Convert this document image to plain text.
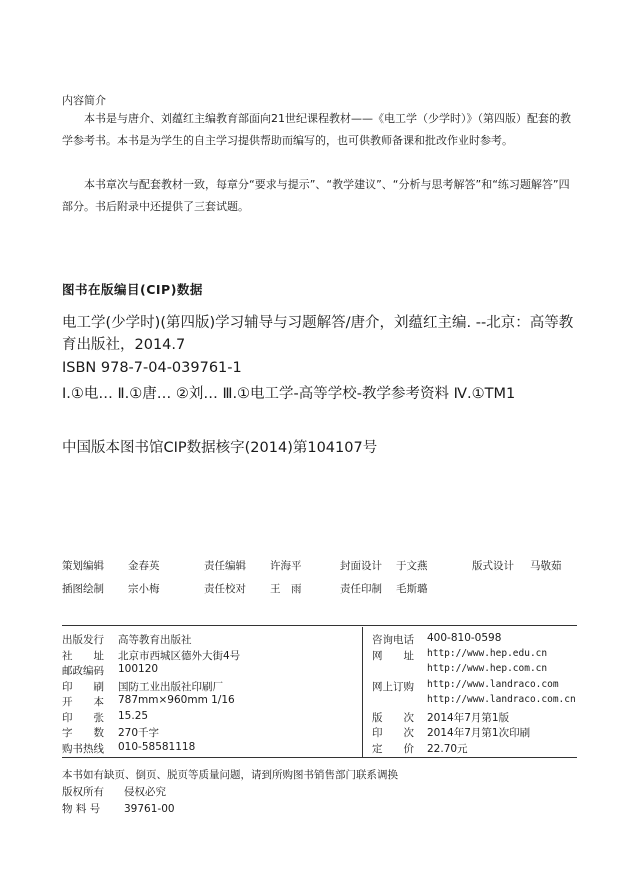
内容简介
本书是与唐介、刘蕴红主编教育部面向21世纪课程教材——《电工学（少学时）》（第四版）配套的教学参考书。本书是为学生的自主学习提供帮助而编写的，也可供教师备课和批改作业时参考。
本书章次与配套教材一致，每章分“要求与提示”、“教学建议”、“分析与思考解答”和“练习题解答”四部分。书后附录中还提供了三套试题。
图书在版编目(CIP)数据
电工学(少学时)(第四版)学习辅导与习题解答/唐介，刘蕴红主编. --北京：高等教育出版社，2014.7
ISBN 978-7-04-039761-1
Ⅰ.①电… Ⅱ.①唐… ②刘… Ⅲ.①电工学-高等学校-教学参考资料 Ⅳ.①TM1
中国版本图书馆CIP数据核字(2014)第104107号
策划编辑 金春英	责任编辑 许海平	封面设计 于文燕	版式设计 马敬茹
插图绘制 宗小梅	责任校对 王　雨	责任印制 毛斯璐
出版发行 高等教育出版社
社　　址 北京市西城区德外大街4号
邮政编码 100120
印　　刷 国防工业出版社印刷厂
开　　本 787mm×960mm 1/16
印　　张 15.25
字　　数 270千字
购书热线 010-58581118
咨询电话 400-810-0598
网　　址 http://www.hep.edu.cn
http://www.hep.com.cn
网上订购 http://www.landraco.com
http://www.landraco.com.cn
版　　次 2014年7月第1版
印　　次 2014年7月第1次印刷
定　　价 22.70元
本书如有缺页、倒页、脱页等质量问题，请到所购图书销售部门联系调换
版权所有 侵权必究
物 料 号 39761-00
